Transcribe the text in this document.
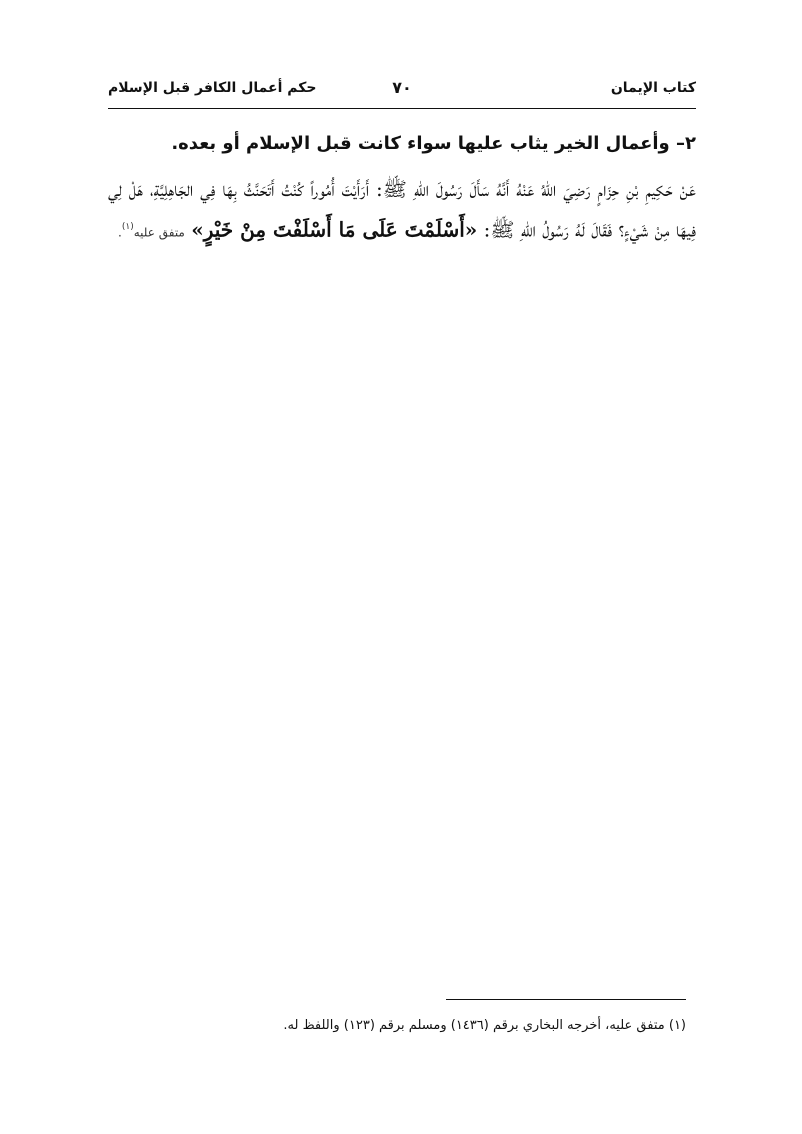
كتاب الإيمان
٧٠
حكم أعمال الكافر قبل الإسلام

٢– وأعمال الخير يثاب عليها سواء كانت قبل الإسلام أو بعده.

عَنْ حَكِيمِ بْنِ حِزَامٍ رَضِيَ اللهُ عَنْهُ أَنَّهُ سَأَلَ رَسُولَ اللهِ ﷺ: أَرَأَيْتَ أُمُوراً كُنْتُ أَتَحَنَّثُ بِهَا فِي الجَاهِلِيَّةِ، هَلْ لِي فِيهَا مِنْ شَيْءٍ؟ فَقَالَ لَهُ رَسُولُ اللهِ ﷺ: «أَسْلَمْتَ عَلَى مَا أَسْلَفْتَ مِنْ خَيْرٍ» متفق عليه$^{(١)}$.

(١) متفق عليه، أخرجه البخاري برقم (١٤٣٦) ومسلم برقم (١٢٣) واللفظ له.
